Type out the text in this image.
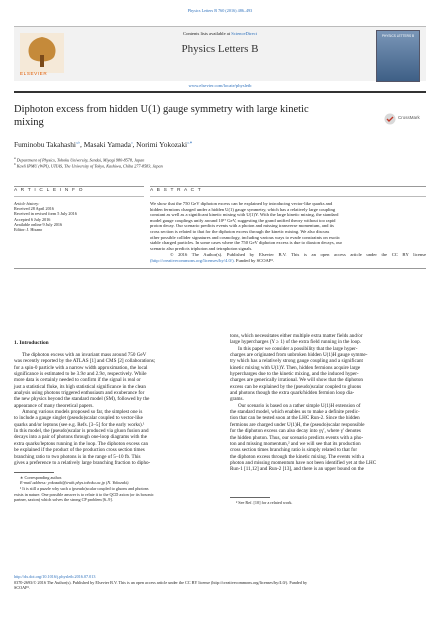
Physics Letters B 760 (2016) 486–493
ELSEVIER
Contents lists available at ScienceDirect
Physics Letters B
PHYSICS LETTERS B
www.elsevier.com/locate/physletb
Diphoton excess from hidden U(1) gauge symmetry with large kinetic
mixing	CrossMark
Fuminobu Takahashi$^{a,b}$, Masaki Yamada$^a$, Norimi Yokozaki$^{a,∗}$
$^a$ Department of Physics, Tohoku University, Sendai, Miyagi 980-8578, Japan
$^b$ Kavli IPMU (WPI), UTIAS, The University of Tokyo, Kashiwa, Chiba 277-8583, Japan
A R T I C L E I N F O	A B S T R A C T
Article history:
Received 28 April 2016
Received in revised form 5 July 2016
Accepted 6 July 2016
Available online 9 July 2016
Editor: J. Hisano
We show that the 750 GeV diphoton excess can be explained by introducing vector-like quarks and
hidden fermions charged under a hidden U(1) gauge symmetry, which has a relatively large coupling
constant as well as a significant kinetic mixing with U(1)Y. With the large kinetic mixing, the standard
model gauge couplings unify around 10¹⁷ GeV, suggesting the grand unified theory without too rapid
proton decay. Our scenario predicts events with a photon and missing transverse momentum, and its
cross section is related to that for the diphoton excess through the kinetic mixing. We also discuss
other possible collider signatures and cosmology, including various ways to evade constraints on exotic
stable charged particles. In some cases where the 750 GeV diphoton excess is due to diaxion decays, our
scenario also predicts triphoton and tetraphoton signals.
© 2016 The Author(s). Published by Elsevier B.V. This is an open access article under the CC BY license (http://creativecommons.org/licenses/by/4.0/). Funded by SCOAP³.
1. Introduction
The diphoton excess with an invariant mass around 750 GeV
was recently reported by the ATLAS [1] and CMS [2] collaborations;
for a spin-0 particle with a narrow width approximation, the local
significance is estimated to be 3.9σ and 2.9σ, respectively. While
more data is certainly needed to confirm if the signal is real or
just a statistical fluke, its high statistical significance in the clean
analysis using photons triggered enthusiasm and exuberance for
the new physics beyond the standard model (SM), followed by the
appearance of many theoretical papers.
Among various models proposed so far, the simplest one is
to include a gauge singlet (pseudo)scalar coupled to vector-like
quarks and/or leptons (see e.g. Refs. [3–5] for the early works).¹
In this model, the (pseudo)scalar is produced via gluon fusion and
decays into a pair of photons through one-loop diagrams with the
extra quarks/leptons running in the loop. The diphoton excess can
be explained if the product of the production cross section times
branching ratio to two photons is in the range of 5–10 fb. This
gives a preference to a relatively large branching fraction to dipho-
tons, which necessitates either multiple extra matter fields and/or
large hypercharges (Y ≥ 1) of the extra field running in the loop.
In this paper we consider a possibility that the large hyper-
charges are originated from unbroken hidden U(1)H gauge symme-
try which has a relatively strong gauge coupling and a significant
kinetic mixing with U(1)Y. Then, hidden fermions acquire large
hypercharges due to the kinetic mixing, and the induced hyper-
charges are generically irrational. We will show that the diphoton
excess can be explained by the (pseudo)scalar coupled to gluons
and photons though the extra quark/hidden fermion loop dia-
grams.
Our scenario is based on a rather simple U(1)H extension of
the standard model, which enables us to make a definite predic-
tion that can be tested soon at the LHC Run-2. Since the hidden
fermions are charged under U(1)H, the (pseudo)scalar responsible
for the diphoton excess can also decay into γγ′, where γ′ denotes
the hidden photon. Thus, our scenario predicts events with a pho-
ton and missing momentum,² and we will see that its production
cross section times branching ratio is simply related to that for
the diphoton excess through the kinetic mixing. The events with a
photon and missing momentum have not been identified yet at the LHC
Run-1 [11,12] and Run-2 [13], and there is an upper bound on the
∗ Corresponding author.
E-mail address: yokozaki@truth.phys.tohoku.ac.jp (N. Yokozaki).
¹ It is still a puzzle why such a (pseudo)scalar coupled to gluons and photons
exists in nature. One possible answer is to relate it to the QCD axion (or its bosonic
partner, saxion) which solves the strong CP problem [6–9].
² See Ref. [10] for a related work.
http://dx.doi.org/10.1016/j.physletb.2016.07.013
0370-2693/© 2016 The Author(s). Published by Elsevier B.V. This is an open access article under the CC BY license (http://creativecommons.org/licenses/by/4.0/). Funded by
SCOAP³.
